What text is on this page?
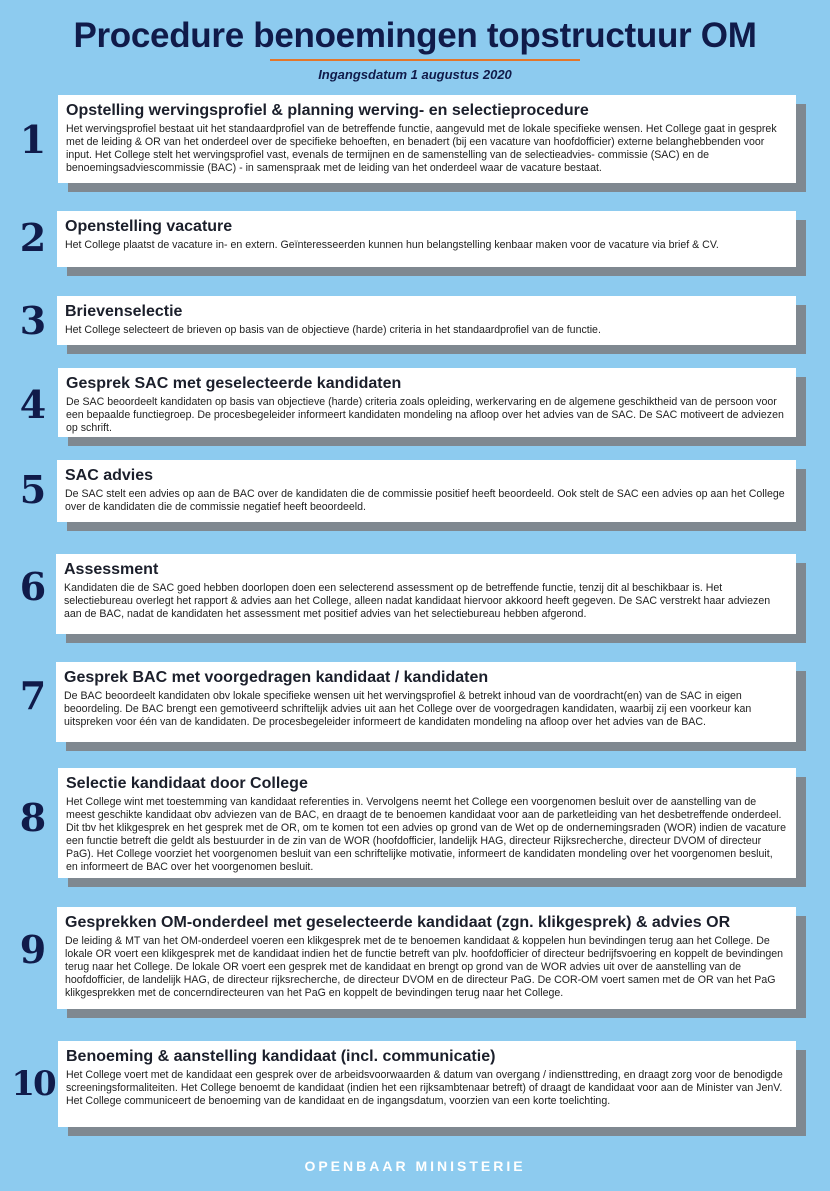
Procedure benoemingen topstructuur OM
Ingangsdatum 1 augustus 2020
1
Opstelling wervingsprofiel & planning werving- en selectieprocedure
Het wervingsprofiel bestaat uit het standaardprofiel van de betreffende functie, aangevuld met de lokale specifieke wensen. Het College gaat in gesprek met de leiding & OR van het onderdeel over de specifieke behoeften, en benadert (bij een vacature van hoofdofficier) externe belanghebbenden voor input. Het College stelt het wervingsprofiel vast, evenals de termijnen en de samenstelling van de selectieadvies- commissie (SAC) en de benoemingsadviescommissie (BAC) - in samenspraak met de leiding van het onderdeel waar de vacature bestaat.
2	Openstelling vacature
Het College plaatst de vacature in- en extern. Geïnteresseerden kunnen hun belangstelling kenbaar maken voor de vacature via brief & CV.
3	Brievenselectie
Het College selecteert de brieven op basis van de objectieve (harde) criteria in het standaardprofiel van de functie.
4	Gesprek SAC met geselecteerde kandidaten
De SAC beoordeelt kandidaten op basis van objectieve (harde) criteria zoals opleiding, werkervaring en de algemene geschiktheid van de persoon voor een bepaalde functiegroep. De procesbegeleider informeert kandidaten mondeling na afloop over het advies van de SAC. De SAC motiveert de adviezen op schrift.
5	SAC advies
De SAC stelt een advies op aan de BAC over de kandidaten die de commissie positief heeft beoordeeld. Ook stelt de SAC een advies op aan het College over de kandidaten die de commissie negatief heeft beoordeeld.
6	Assessment
Kandidaten die de SAC goed hebben doorlopen doen een selecterend assessment op de betreffende functie, tenzij dit al beschikbaar is. Het selectiebureau overlegt het rapport & advies aan het College, alleen nadat kandidaat hiervoor akkoord heeft gegeven. De SAC verstrekt haar adviezen aan de BAC, nadat de kandidaten het assessment met positief advies van het selectiebureau hebben afgerond.
7	Gesprek BAC met voorgedragen kandidaat / kandidaten
De BAC beoordeelt kandidaten obv lokale specifieke wensen uit het wervingsprofiel & betrekt inhoud van de voordracht(en) van de SAC in eigen beoordeling. De BAC brengt een gemotiveerd schriftelijk advies uit aan het College over de voorgedragen kandidaten, waarbij zij een voorkeur kan uitspreken voor één van de kandidaten. De procesbegeleider informeert de kandidaten mondeling na afloop over het advies van de BAC.
8
Selectie kandidaat door College
Het College wint met toestemming van kandidaat referenties in. Vervolgens neemt het College een voorgenomen besluit over de aanstelling van de meest geschikte kandidaat obv adviezen van de BAC, en draagt de te benoemen kandidaat voor aan de parketleiding van het desbetreffende onderdeel. Dit tbv het klikgesprek en het gesprek met de OR, om te komen tot een advies op grond van de Wet op de ondernemingsraden (WOR) indien de vacature een functie betreft die geldt als bestuurder in de zin van de WOR (hoofdofficier, landelijk HAG, directeur Rijksrecherche, directeur DVOM of directeur PaG). Het College voorziet het voorgenomen besluit van een schriftelijke motivatie, informeert de kandidaten mondeling over het voorgenomen besluit, en informeert de BAC over het voorgenomen besluit.
9
Gesprekken OM-onderdeel met geselecteerde kandidaat (zgn. klikgesprek) & advies OR
De leiding & MT van het OM-onderdeel voeren een klikgesprek met de te benoemen kandidaat & koppelen hun bevindingen terug aan het College. De lokale OR voert een klikgesprek met de kandidaat indien het de functie betreft van plv. hoofdofficier of directeur bedrijfsvoering en koppelt de bevindingen terug naar het College. De lokale OR voert een gesprek met de kandidaat en brengt op grond van de WOR advies uit over de aanstelling van de hoofdofficier, de landelijk HAG, de directeur rijksrecherche, de directeur DVOM en de directeur PaG. De COR-OM voert samen met de OR van het PaG klikgesprekken met de concerndirecteuren van het PaG en koppelt de bevindingen terug naar het College.
10
Benoeming & aanstelling kandidaat (incl. communicatie)
Het College voert met de kandidaat een gesprek over de arbeidsvoorwaarden & datum van overgang / indiensttreding, en draagt zorg voor de benodigde screeningsformaliteiten. Het College benoemt de kandidaat (indien het een rijksambtenaar betreft) of draagt de kandidaat voor aan de Minister van JenV. Het College communiceert de benoeming van de kandidaat en de ingangsdatum, voorzien van een korte toelichting.
OPENBAAR MINISTERIE
